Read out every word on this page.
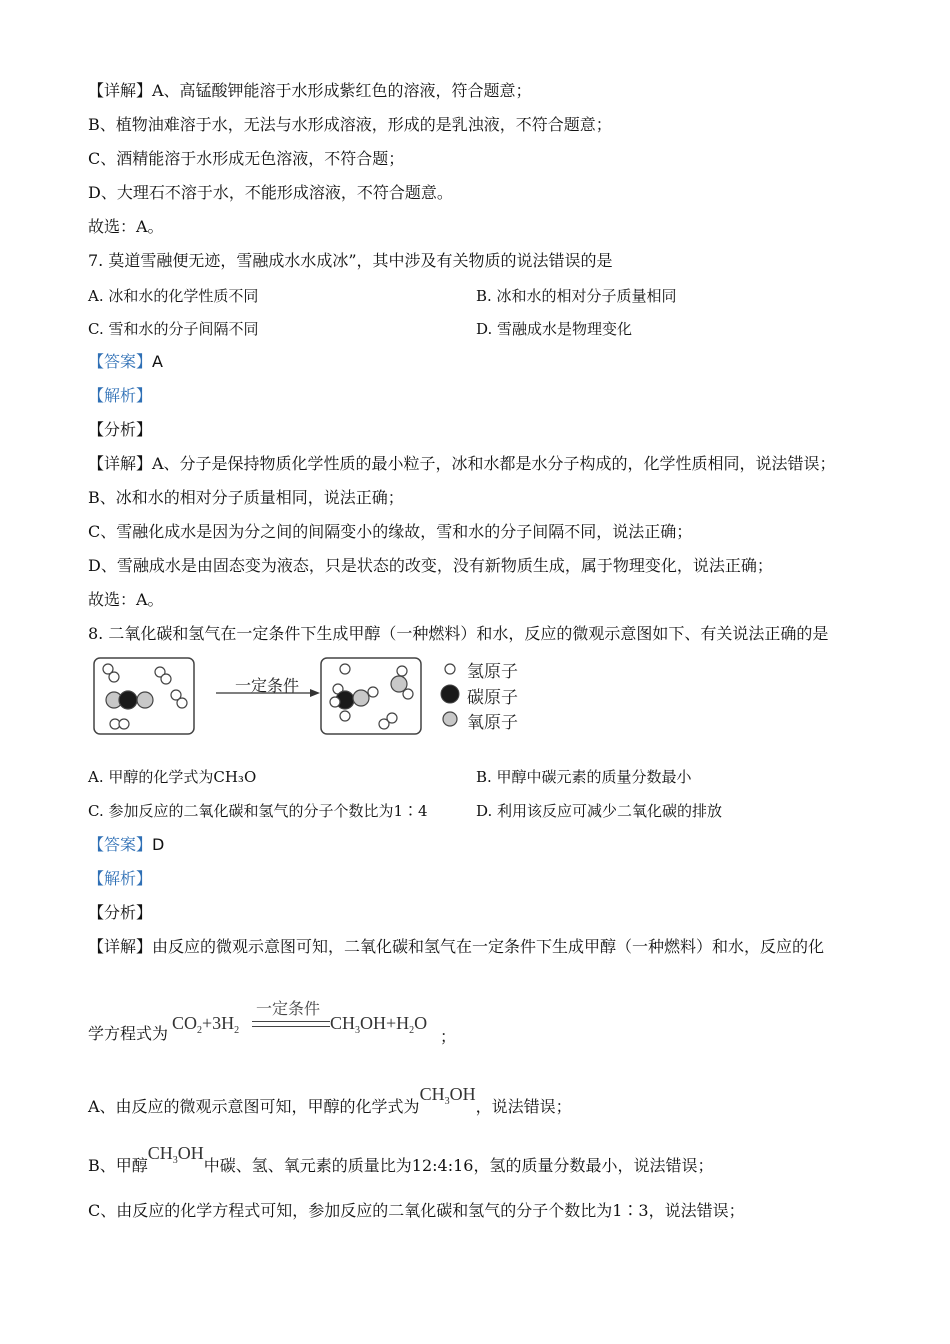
【详解】A、高锰酸钾能溶于水形成紫红色的溶液，符合题意；
B、植物油难溶于水，无法与水形成溶液，形成的是乳浊液，不符合题意；
C、酒精能溶于水形成无色溶液，不符合题；
D、大理石不溶于水，不能形成溶液，不符合题意。
故选：A。
7. 莫道雪融便无迹，雪融成水水成冰”，其中涉及有关物质的说法错误的是
A. 冰和水的化学性质不同	B. 冰和水的相对分子质量相同
C. 雪和水的分子间隔不同	D. 雪融成水是物理变化
【答案】A
【解析】
【分析】
【详解】A、分子是保持物质化学性质的最小粒子，冰和水都是水分子构成的，化学性质相同，说法错误；
B、冰和水的相对分子质量相同，说法正确；
C、雪融化成水是因为分之间的间隔变小的缘故，雪和水的分子间隔不同，说法正确；
D、雪融成水是由固态变为液态，只是状态的改变，没有新物质生成，属于物理变化，说法正确；
故选：A。
8. 二氧化碳和氢气在一定条件下生成甲醇（一种燃料）和水，反应的微观示意图如下、有关说法正确的是
一定条件
氢原子
碳原子
氧原子
A. 甲醇的化学式为CH₃O	B. 甲醇中碳元素的质量分数最小
C. 参加反应的二氧化碳和氢气的分子个数比为1∶4	D. 利用该反应可减少二氧化碳的排放
【答案】D
【解析】
【分析】
【详解】由反应的微观示意图可知，二氧化碳和氢气在一定条件下生成甲醇（一种燃料）和水，反应的化
学方程式为
$CO_2+3H_2$
一定条件
$CH_3OH+H_2O$
；
A、由反应的微观示意图可知，甲醇的化学式为$CH_3OH$，说法错误；
B、甲醇$CH_3OH$中碳、氢、氧元素的质量比为12:4:16，氢的质量分数最小，说法错误；
C、由反应的化学方程式可知，参加反应的二氧化碳和氢气的分子个数比为1∶3，说法错误；
